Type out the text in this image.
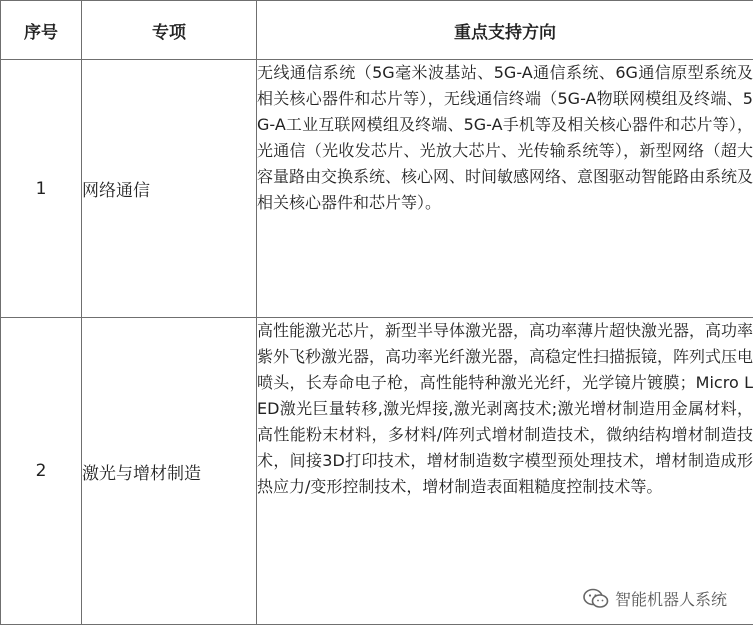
序号	专项	重点支持方向
1	网络通信	无线通信系统（5G毫米波基站、5G-A通信系统、6G通信原型系统及相关核心器件和芯片等），无线通信终端（5G-A物联网模组及终端、5G-A工业互联网模组及终端、5G-A手机等及相关核心器件和芯片等），光通信（光收发芯片、光放大芯片、光传输系统等），新型网络（超大容量路由交换系统、核心网、时间敏感网络、意图驱动智能路由系统及相关核心器件和芯片等）。
2	激光与增材制造	高性能激光芯片，新型半导体激光器，高功率薄片超快激光器，高功率紫外飞秒激光器，高功率光纤激光器，高稳定性扫描振镜，阵列式压电喷头，长寿命电子枪，高性能特种激光光纤，光学镜片镀膜；Micro LED激光巨量转移,激光焊接,激光剥离技术;激光增材制造用金属材料，高性能粉末材料，多材料/阵列式增材制造技术，微纳结构增材制造技术，间接3D打印技术，增材制造数字模型预处理技术，增材制造成形热应力/变形控制技术，增材制造表面粗糙度控制技术等。
智能机器人系统
